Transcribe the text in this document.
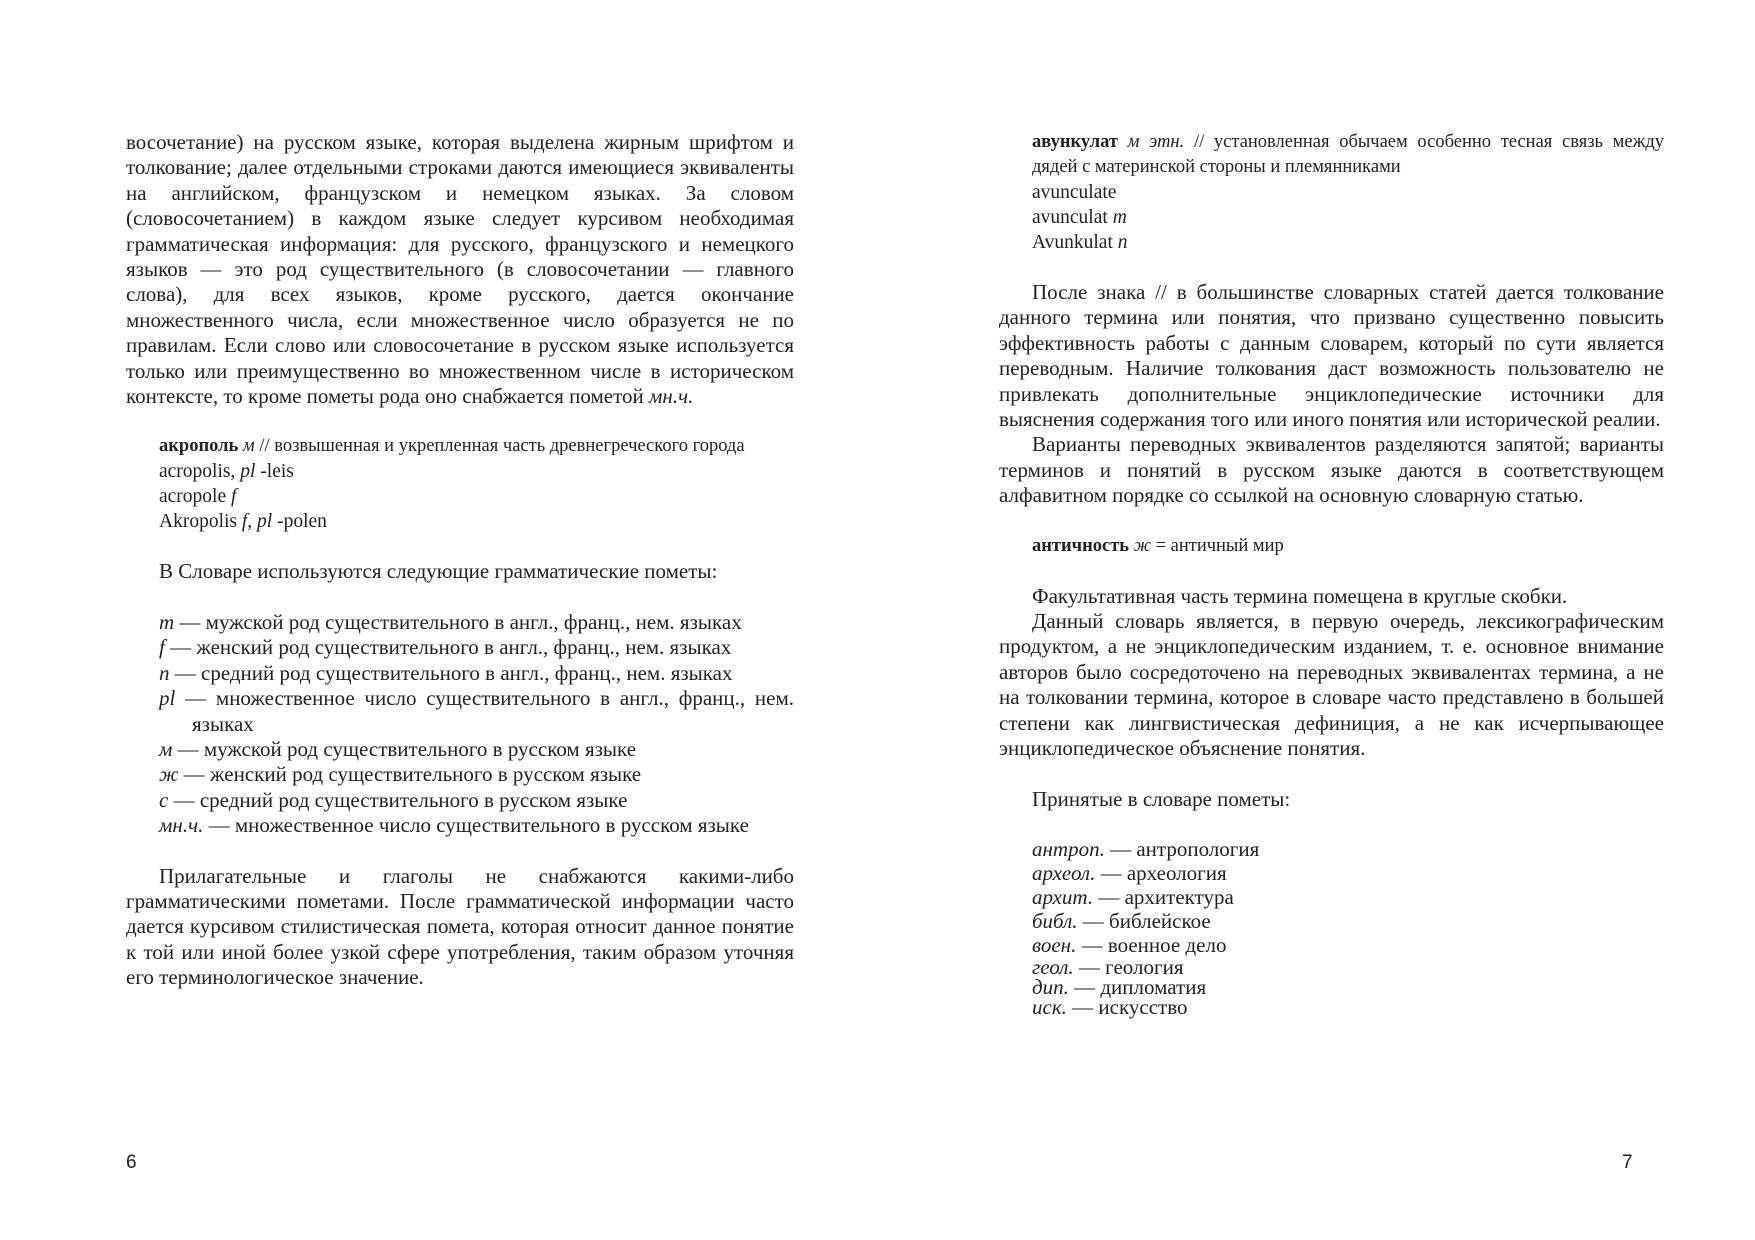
восочетание) на русском языке, которая выделена жирным шрифтом и толкование; далее отдельными строками даются имеющиеся эквиваленты на английском, французском и немецком языках. За словом (словосочетанием) в каждом языке следует курсивом необходимая грамматическая информация: для русского, французского и немецкого языков — это род существительного (в словосочетании — главного слова), для всех языков, кроме русского, дается окончание множественного числа, если множественное число образуется не по правилам. Если слово или словосочетание в русском языке используется только или преимущественно во множественном числе в историческом контексте, то кроме пометы рода оно снабжается пометой мн.ч.

акрополь м // возвышенная и укрепленная часть древнегреческого города
acropolis, pl -leis
acropole f
Akropolis f, pl -polen

В Словаре используются следующие грамматические пометы:

m — мужской род существительного в англ., франц., нем. языках
f — женский род существительного в англ., франц., нем. языках
n — средний род существительного в англ., франц., нем. языках
pl — множественное число существительного в англ., франц., нем. языках
м — мужской род существительного в русском языке
ж — женский род существительного в русском языке
с — средний род существительного в русском языке
мн.ч. — множественное число существительного в русском языке

Прилагательные и глаголы не снабжаются какими-либо грамматическими пометами. После грамматической информации часто дается курсивом стилистическая помета, которая относит данное понятие к той или иной более узкой сфере употребления, таким образом уточняя его терминологическое значение.

6
авункулат м этн. // установленная обычаем особенно тесная связь между дядей с материнской стороны и племянниками
avunculate
avunculat m
Avunkulat n

После знака // в большинстве словарных статей дается толкование данного термина или понятия, что призвано существенно повысить эффективность работы с данным словарем, который по сути является переводным. Наличие толкования даст возможность пользователю не привлекать дополнительные энциклопедические источники для выяснения содержания того или иного понятия или исторической реалии.

Варианты переводных эквивалентов разделяются запятой; варианты терминов и понятий в русском языке даются в соответствующем алфавитном порядке со ссылкой на основную словарную статью.

античность ж = античный мир

Факультативная часть термина помещена в круглые скобки.

Данный словарь является, в первую очередь, лексикографическим продуктом, а не энциклопедическим изданием, т. е. основное внимание авторов было сосредоточено на переводных эквивалентах термина, а не на толковании термина, которое в словаре часто представлено в большей степени как лингвистическая дефиниция, а не как исчерпывающее энциклопедическое объяснение понятия.

Принятые в словаре пометы:

антроп. — антропология
археол. — археология
архит. — архитектура
библ. — библейское
воен. — военное дело
геол. — геология
дип. — дипломатия
иск. — искусство
7
